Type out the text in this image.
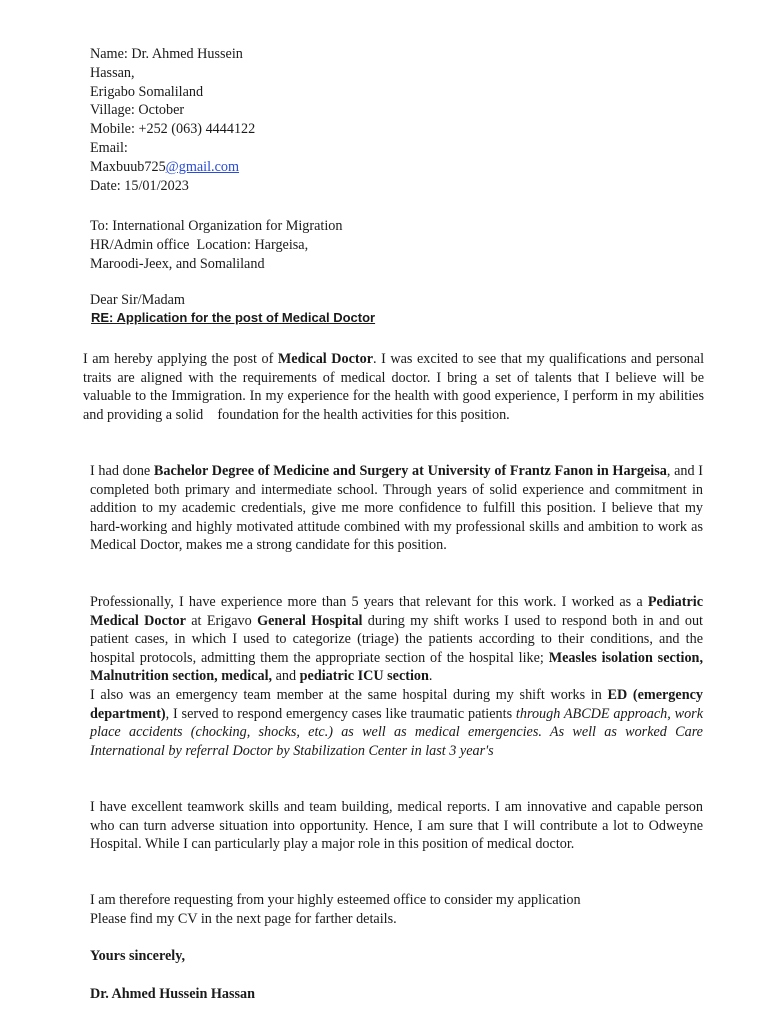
Name: Dr. Ahmed Hussein
Hassan,
Erigabo Somaliland
Village: October
Mobile: +252 (063) 4444122
Email:
Maxbuub725@gmail.com
Date: 15/01/2023
To: International Organization for Migration
HR/Admin office  Location: Hargeisa,
Maroodi-Jeex, and Somaliland
Dear Sir/Madam
RE: Application for the post of Medical Doctor
I am hereby applying the post of Medical Doctor. I was excited to see that my qualifications and personal traits are aligned with the requirements of medical doctor. I bring a set of talents that I believe will be valuable to the Immigration. In my experience for the health with good experience, I perform in my abilities and providing a solid    foundation for the health activities for this position.
I had done Bachelor Degree of Medicine and Surgery at University of Frantz Fanon in Hargeisa, and I completed both primary and intermediate school. Through years of solid experience and commitment in addition to my academic credentials, give me more confidence to fulfill this position. I believe that my hard-working and highly motivated attitude combined with my professional skills and ambition to work as Medical Doctor, makes me a strong candidate for this position.
Professionally, I have experience more than 5 years that relevant for this work. I worked as a Pediatric Medical Doctor at Erigavo General Hospital during my shift works I used to respond both in and out patient cases, in which I used to categorize (triage) the patients according to their conditions, and the hospital protocols, admitting them the appropriate section of the hospital like; Measles isolation section, Malnutrition section, medical, and pediatric ICU section.
I also was an emergency team member at the same hospital during my shift works in ED (emergency department), I served to respond emergency cases like traumatic patients through ABCDE approach, work place accidents (chocking, shocks, etc.) as well as medical emergencies. As well as worked Care International by referral Doctor by Stabilization Center in last 3 year's
I have excellent teamwork skills and team building, medical reports. I am innovative and capable person who can turn adverse situation into opportunity. Hence, I am sure that I will contribute a lot to Odweyne Hospital. While I can particularly play a major role in this position of medical doctor.
I am therefore requesting from your highly esteemed office to consider my application
Please find my CV in the next page for farther details.
Yours sincerely,
Dr. Ahmed Hussein Hassan
